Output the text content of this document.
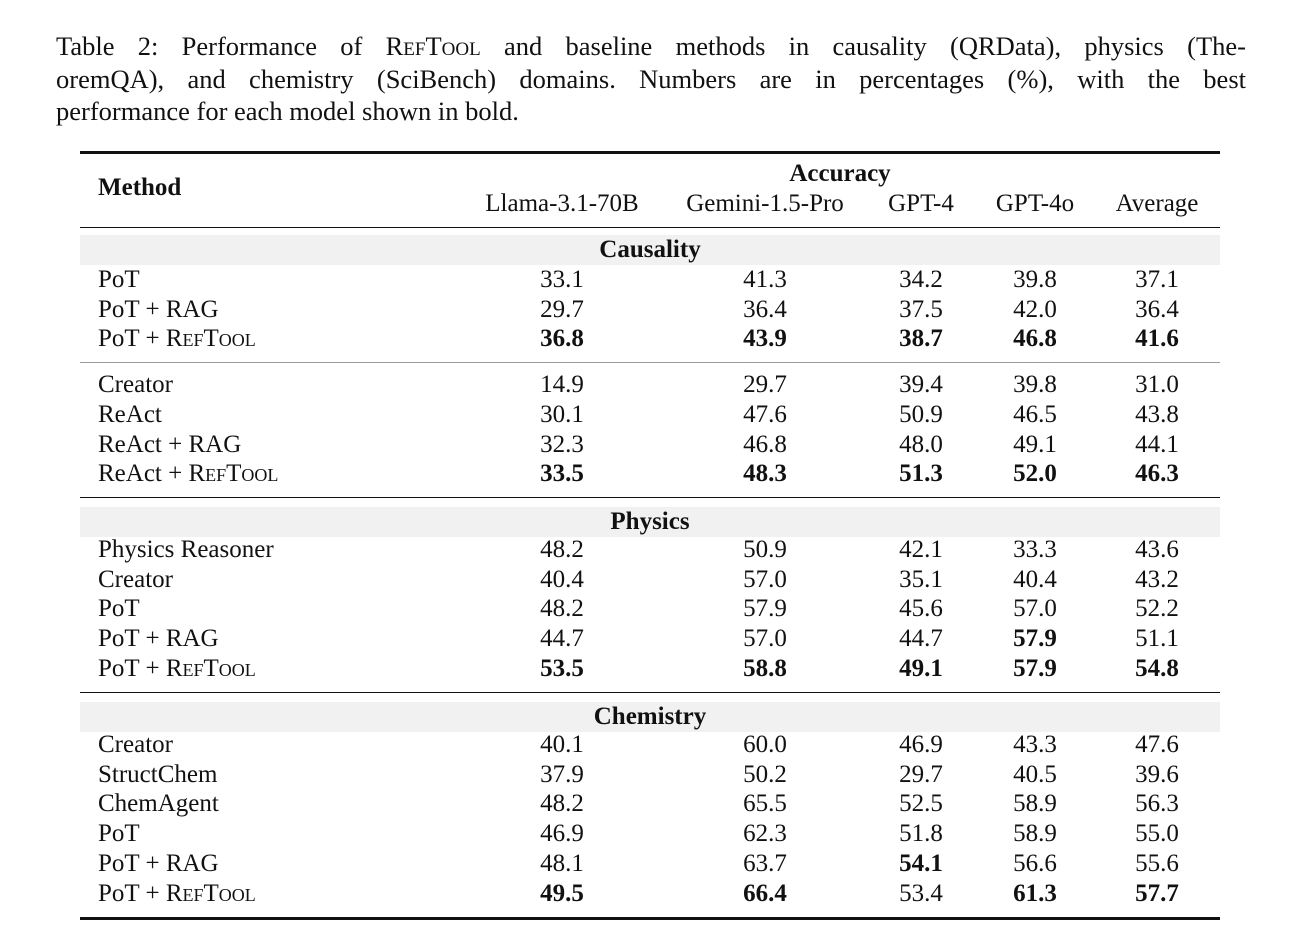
Table 2: Performance of RefTool and baseline methods in causality (QRData), physics (The-
oremQA), and chemistry (SciBench) domains. Numbers are in percentages (%), with the best
performance for each model shown in bold.
Method
Accuracy
Llama-3.1-70B	Gemini-1.5-Pro	GPT-4	GPT-4o	Average
Causality
PoT	33.1	41.3	34.2	39.8	37.1
PoT + RAG	29.7	36.4	37.5	42.0	36.4
PoT + RefTool	36.8	43.9	38.7	46.8	41.6
Creator	14.9	29.7	39.4	39.8	31.0
ReAct	30.1	47.6	50.9	46.5	43.8
ReAct + RAG	32.3	46.8	48.0	49.1	44.1
ReAct + RefTool	33.5	48.3	51.3	52.0	46.3
Physics
Physics Reasoner	48.2	50.9	42.1	33.3	43.6
Creator	40.4	57.0	35.1	40.4	43.2
PoT	48.2	57.9	45.6	57.0	52.2
PoT + RAG	44.7	57.0	44.7	57.9	51.1
PoT + RefTool	53.5	58.8	49.1	57.9	54.8
Chemistry
Creator	40.1	60.0	46.9	43.3	47.6
StructChem	37.9	50.2	29.7	40.5	39.6
ChemAgent	48.2	65.5	52.5	58.9	56.3
PoT	46.9	62.3	51.8	58.9	55.0
PoT + RAG	48.1	63.7	54.1	56.6	55.6
PoT + RefTool	49.5	66.4	53.4	61.3	57.7
